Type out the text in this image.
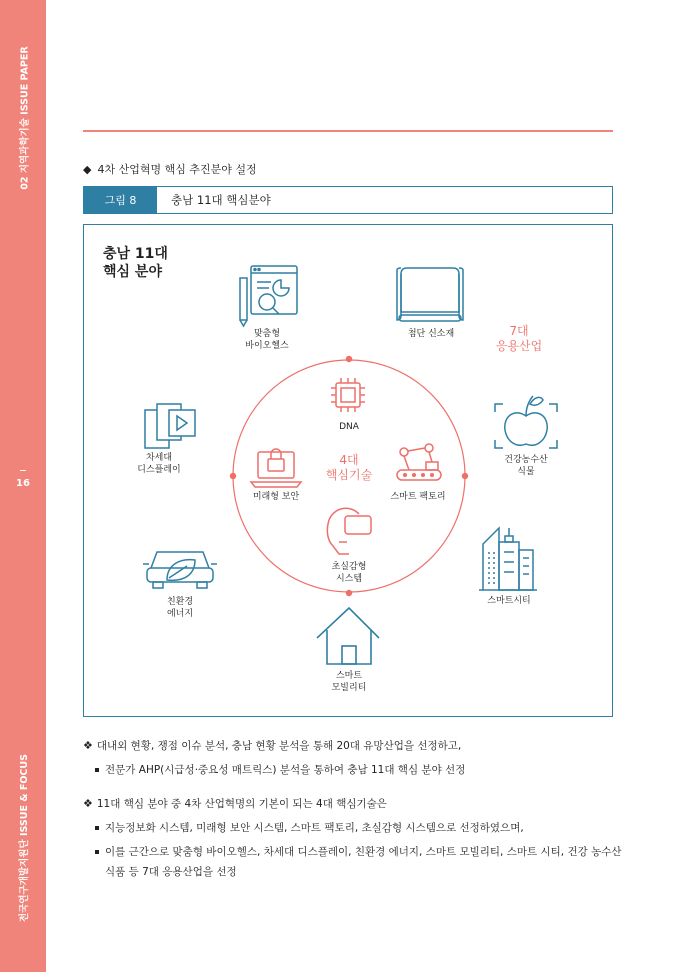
02 지역과학기술 ISSUE PAPER
16
전국연구개발지원단 ISSUE & FOCUS
◆ 4차 산업혁명 핵심 추진분야 설정
그림 8	충남 11대 핵심분야
충남 11대
핵심 분야
4대
핵심기술
7대
응용산업
DNA
스마트 팩토리
초실감형
시스템
미래형 보안
맞춤형
바이오헬스
첨단 신소재
건강농수산
식물
스마트시티
스마트
모빌리티
친환경
에너지
차세대
디스플레이
❖ 대내외 현황, 쟁점 이슈 분석, 충남 현황 분석을 통해 20대 유망산업을 선정하고,
전문가 AHP(시급성·중요성 매트릭스) 분석을 통하여 충남 11대 핵심 분야 선정
❖ 11대 핵심 분야 중 4차 산업혁명의 기본이 되는 4대 핵심기술은
지능정보화 시스템, 미래형 보안 시스템, 스마트 팩토리, 초실감형 시스템으로 선정하였으며,
이를 근간으로 맞춤형 바이오헬스, 차세대 디스플레이, 친환경 에너지, 스마트 모빌리티, 스마트 시티, 건강 농수산식품 등 7대 응용산업을 선정
